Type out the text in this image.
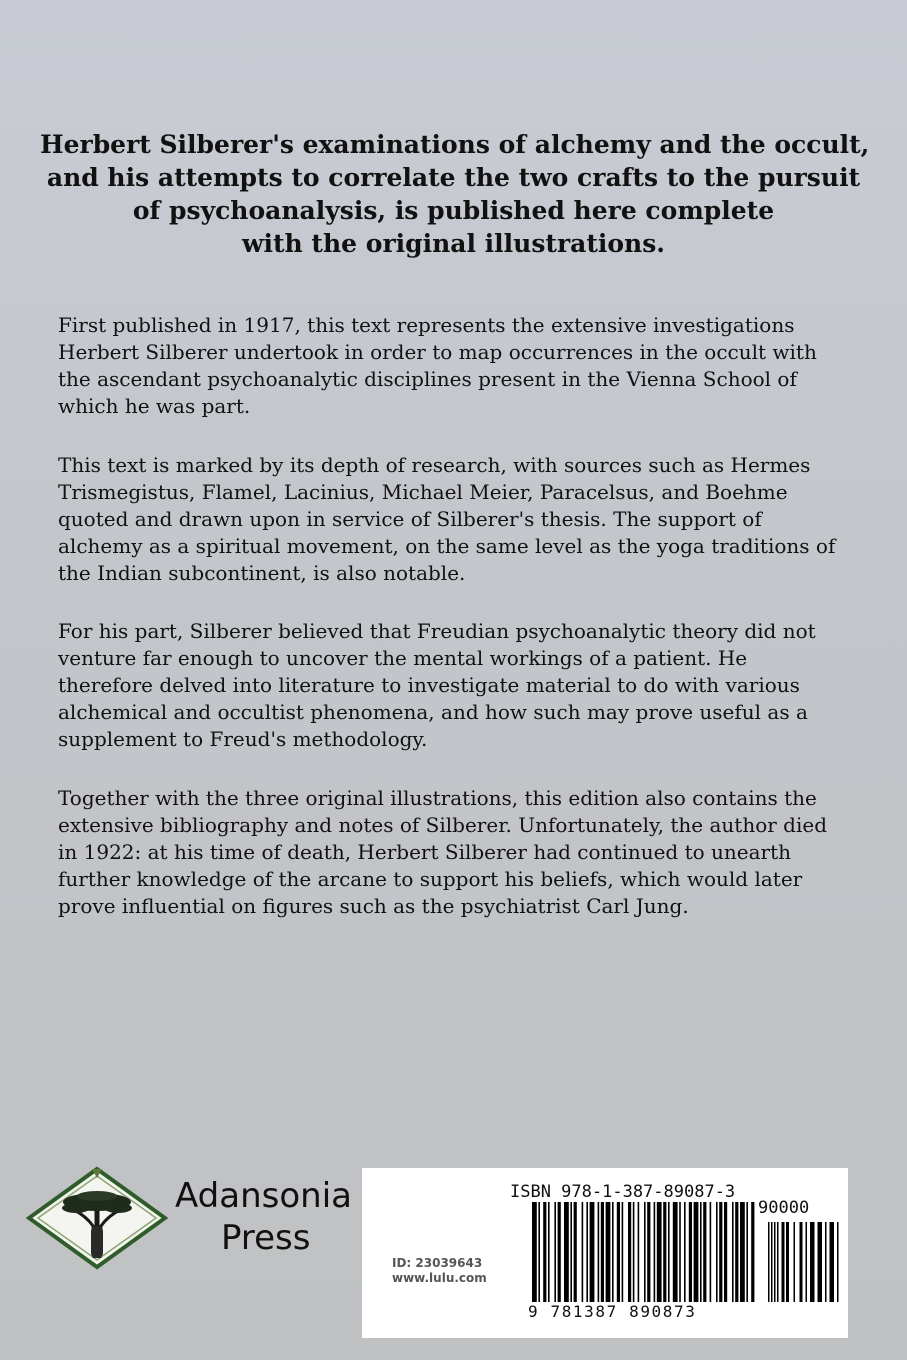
Herbert Silberer's examinations of alchemy and the occult,
and his attempts to correlate the two crafts to the pursuit
of psychoanalysis, is published here complete
with the original illustrations.
First published in 1917, this text represents the extensive investigations
Herbert Silberer undertook in order to map occurrences in the occult with
the ascendant psychoanalytic disciplines present in the Vienna School of
which he was part.
This text is marked by its depth of research, with sources such as Hermes
Trismegistus, Flamel, Lacinius, Michael Meier, Paracelsus, and Boehme
quoted and drawn upon in service of Silberer's thesis. The support of
alchemy as a spiritual movement, on the same level as the yoga traditions of
the Indian subcontinent, is also notable.
For his part, Silberer believed that Freudian psychoanalytic theory did not
venture far enough to uncover the mental workings of a patient. He
therefore delved into literature to investigate material to do with various
alchemical and occultist phenomena, and how such may prove useful as a
supplement to Freud's methodology.
Together with the three original illustrations, this edition also contains the
extensive bibliography and notes of Silberer. Unfortunately, the author died
in 1922: at his time of death, Herbert Silberer had continued to unearth
further knowledge of the arcane to support his beliefs, which would later
prove influential on figures such as the psychiatrist Carl Jung.
Adansonia
Press
ISBN 978-1-387-89087-3
90000
ID: 23039643
www.lulu.com
9 781387 890873
